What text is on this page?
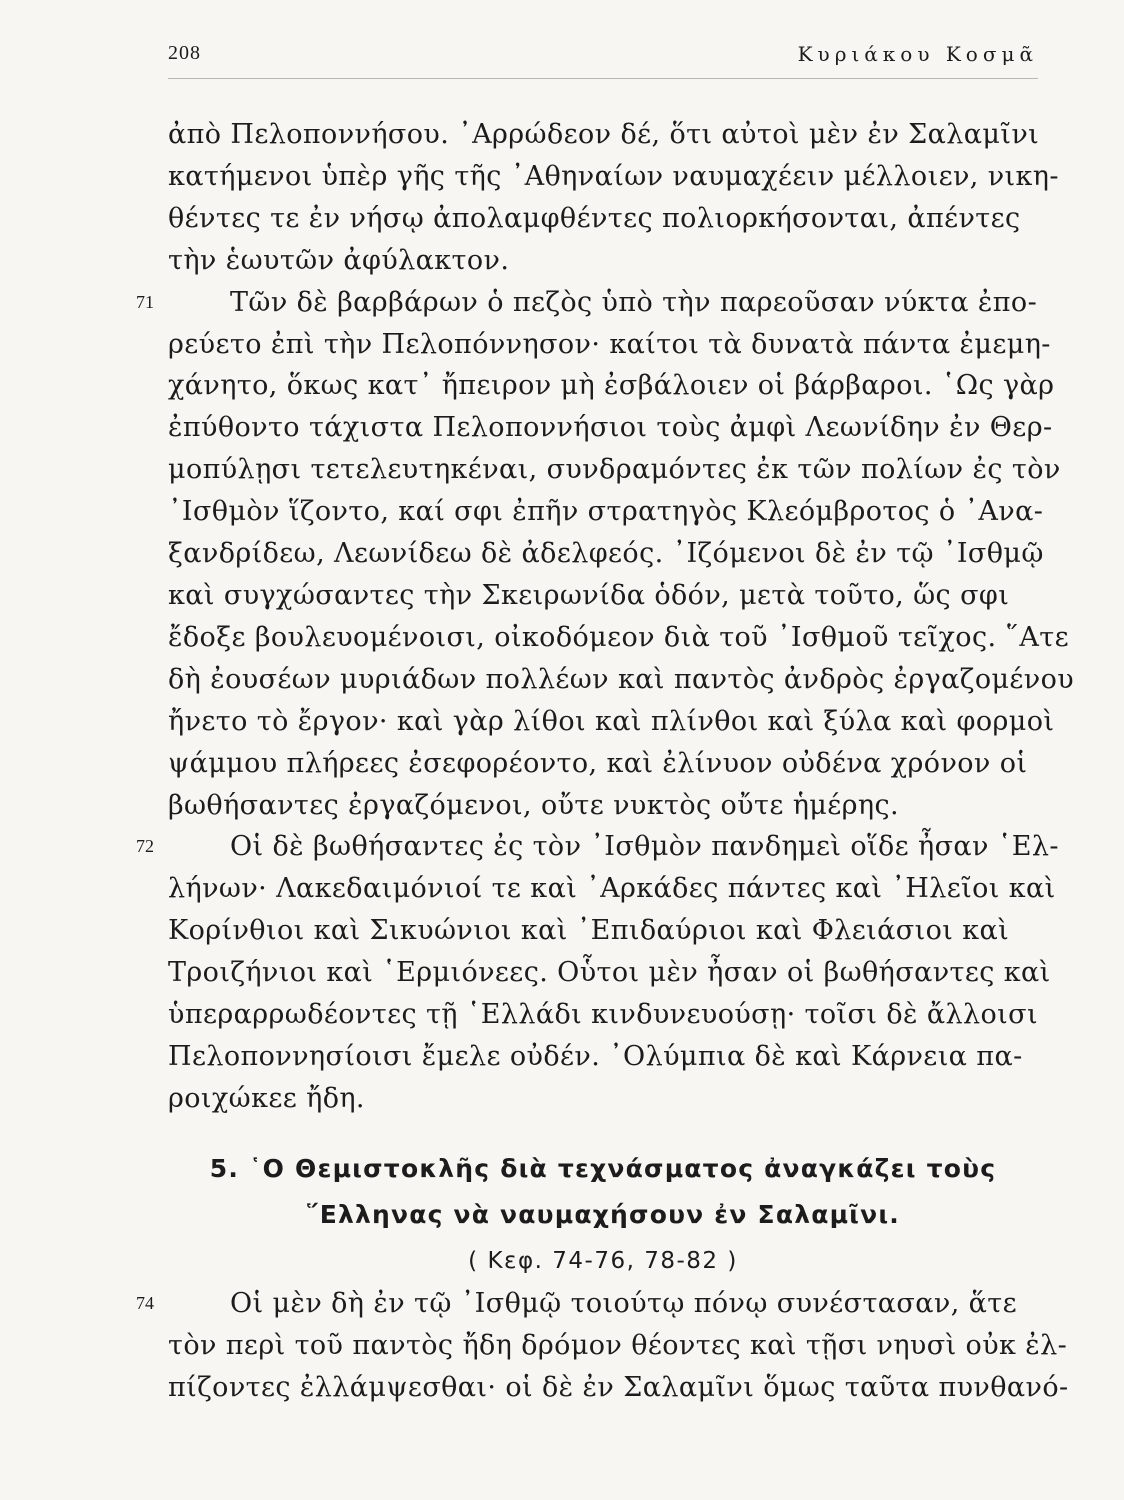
208	Κυριάκου Κοσμᾶ

ἀπὸ Πελοποννήσου. ᾿Αρρώδεον δέ, ὅτι αὐτοὶ μὲν ἐν Σαλαμῖνι
κατήμενοι ὑπὲρ γῆς τῆς ᾿Αθηναίων ναυμαχέειν μέλλοιεν, νικη-
θέντες τε ἐν νήσῳ ἀπολαμφθέντες πολιορκήσονται, ἀπέντες
τὴν ἑωυτῶν ἀφύλακτον.

71	Τῶν δὲ βαρβάρων ὁ πεζὸς ὑπὸ τὴν παρεοῦσαν νύκτα ἐπο-
ρεύετο ἐπὶ τὴν Πελοπόννησον· καίτοι τὰ δυνατὰ πάντα ἐμεμη-
χάνητο, ὅκως κατ᾿ ἤπειρον μὴ ἐσβάλοιεν οἱ βάρβαροι. ῾Ως γὰρ
ἐπύθοντο τάχιστα Πελοποννήσιοι τοὺς ἀμφὶ Λεωνίδην ἐν Θερ-
μοπύλῃσι τετελευτηκέναι, συνδραμόντες ἐκ τῶν πολίων ἐς τὸν
᾿Ισθμὸν ἵζοντο, καί σφι ἐπῆν στρατηγὸς Κλεόμβροτος ὁ ᾿Ανα-
ξανδρίδεω, Λεωνίδεω δὲ ἀδελφεός. ᾿Ιζόμενοι δὲ ἐν τῷ ᾿Ισθμῷ
καὶ συγχώσαντες τὴν Σκειρωνίδα ὁδόν, μετὰ τοῦτο, ὥς σφι
ἔδοξε βουλευομένοισι, οἰκοδόμεον διὰ τοῦ ᾿Ισθμοῦ τεῖχος. ῞Ατε
δὴ ἐουσέων μυριάδων πολλέων καὶ παντὸς ἀνδρὸς ἐργαζομένου
ἤνετο τὸ ἔργον· καὶ γὰρ λίθοι καὶ πλίνθοι καὶ ξύλα καὶ φορμοὶ
ψάμμου πλήρεες ἐσεφορέοντο, καὶ ἐλίνυον οὐδένα χρόνον οἱ
βωθήσαντες ἐργαζόμενοι, οὔτε νυκτὸς οὔτε ἡμέρης.

72	Οἱ δὲ βωθήσαντες ἐς τὸν ᾿Ισθμὸν πανδημεὶ οἵδε ἦσαν ῾Ελ-
λήνων· Λακεδαιμόνιοί τε καὶ ᾿Αρκάδες πάντες καὶ ᾿Ηλεῖοι καὶ
Κορίνθιοι καὶ Σικυώνιοι καὶ ᾿Επιδαύριοι καὶ Φλειάσιοι καὶ
Τροιζήνιοι καὶ ῾Ερμιόνεες. Οὗτοι μὲν ἦσαν οἱ βωθήσαντες καὶ
ὑπεραρρωδέοντες τῇ ῾Ελλάδι κινδυνευούσῃ· τοῖσι δὲ ἄλλοισι
Πελοποννησίοισι ἔμελε οὐδέν. ᾿Ολύμπια δὲ καὶ Κάρνεια πα-
ροιχώκεε ἤδη.

5. ῾Ο Θεμιστοκλῆς διὰ τεχνάσματος ἀναγκάζει τοὺς
῞Ελληνας νὰ ναυμαχήσουν ἐν Σαλαμῖνι.
( Κεφ. 74-76, 78-82 )

74	Οἱ μὲν δὴ ἐν τῷ ᾿Ισθμῷ τοιούτῳ πόνῳ συνέστασαν, ἅτε
τὸν περὶ τοῦ παντὸς ἤδη δρόμον θέοντες καὶ τῇσι νηυσὶ οὐκ ἐλ-
πίζοντες ἐλλάμψεσθαι· οἱ δὲ ἐν Σαλαμῖνι ὅμως ταῦτα πυνθανό-
